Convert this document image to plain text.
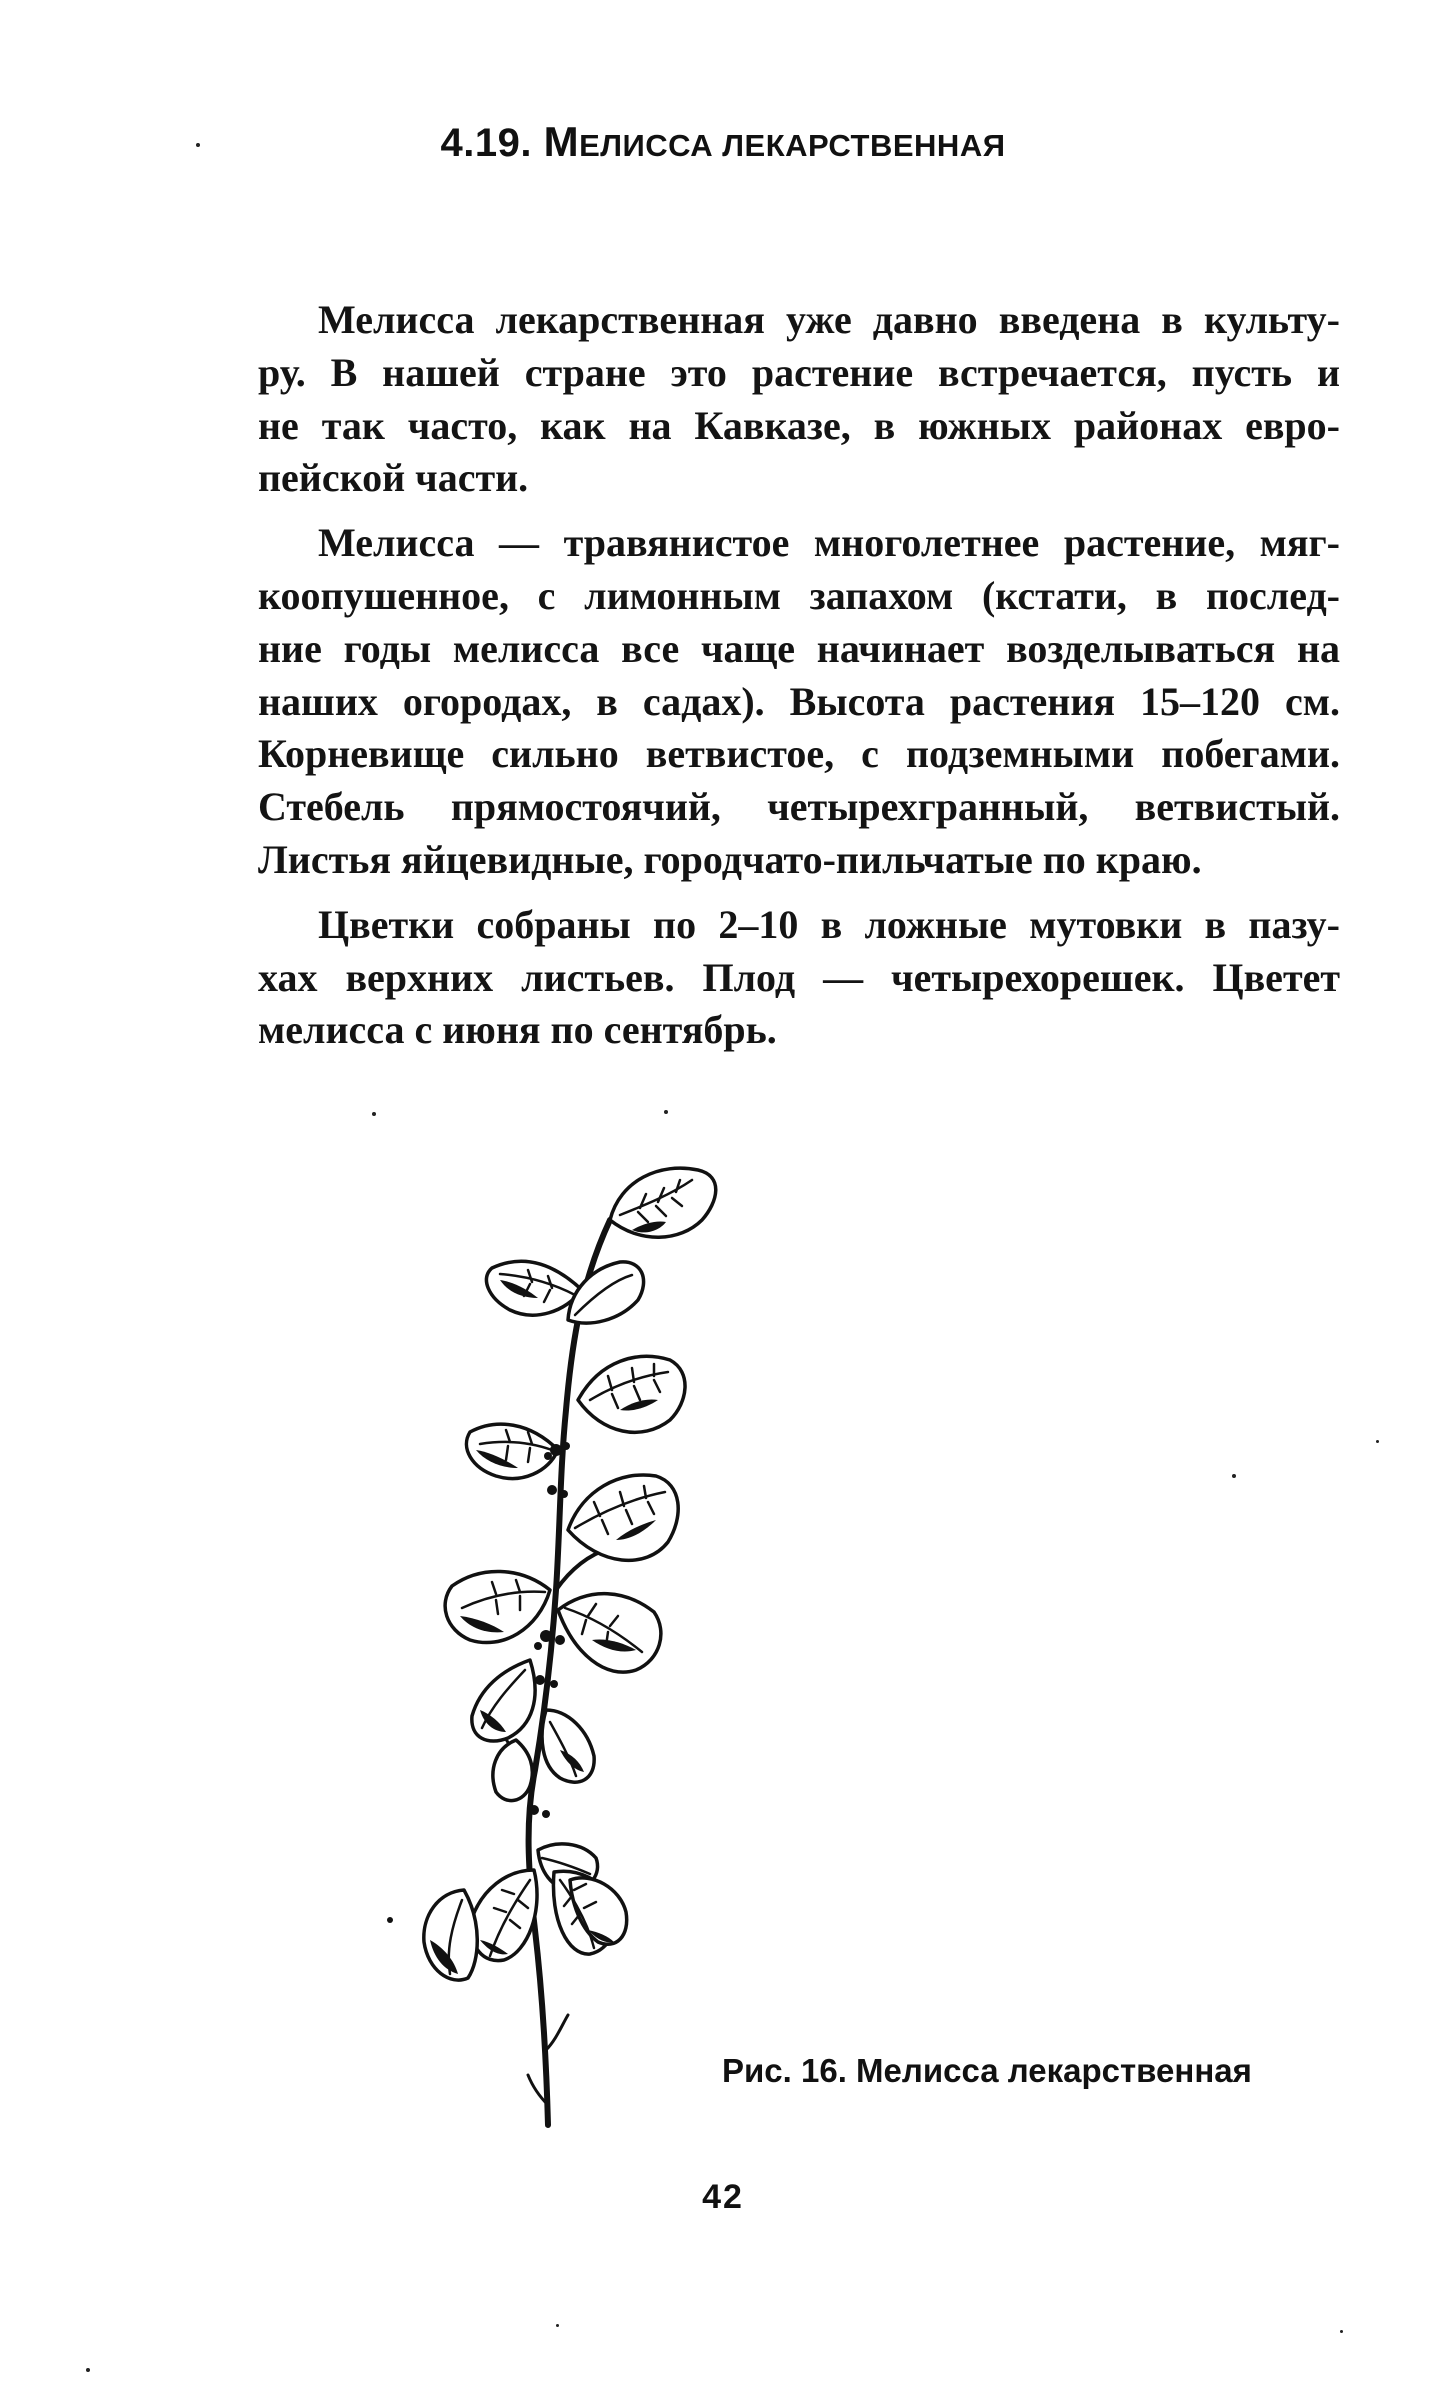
4.19. МЕЛИССА ЛЕКАРСТВЕННАЯ

Мелисса лекарственная уже давно введена в культу-
ру. В нашей стране это растение встречается, пусть и
не так часто, как на Кавказе, в южных районах евро-
пейской части.

Мелисса — травянистое многолетнее растение, мяг-
коопушенное, с лимонным запахом (кстати, в послед-
ние годы мелисса все чаще начинает возделываться на
наших огородах, в садах). Высота растения 15–120 см.
Корневище сильно ветвистое, с подземными побегами.
Стебель прямостоячий, четырехгранный, ветвистый.
Листья яйцевидные, городчато-пильчатые по краю.

Цветки собраны по 2–10 в ложные мутовки в пазу-
хах верхних листьев. Плод — четырехорешек. Цветет
мелисса с июня по сентябрь.

Рис. 16. Мелисса лекарственная
42
